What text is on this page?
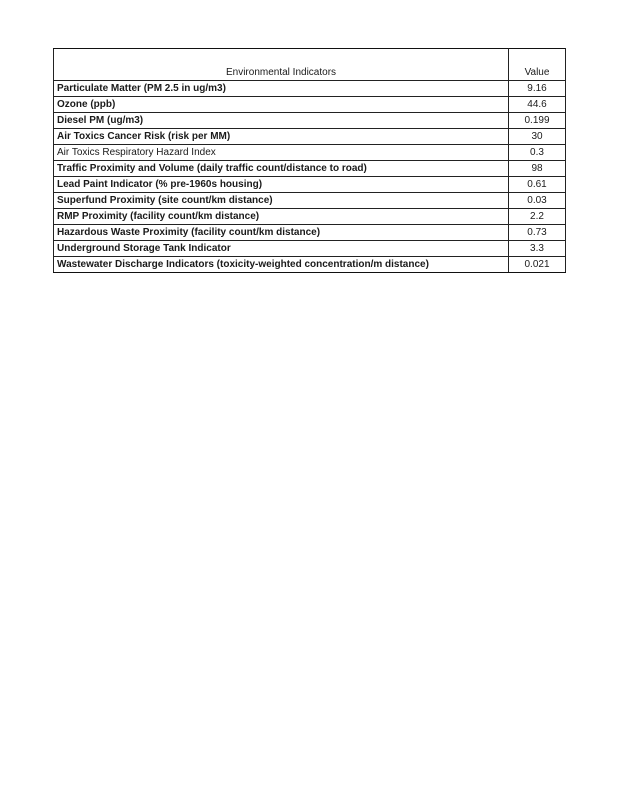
Environmental Indicators	Value
Particulate Matter (PM 2.5 in ug/m3)	9.16
Ozone (ppb)	44.6
Diesel PM (ug/m3)	0.199
Air Toxics Cancer Risk (risk per MM)	30
Air Toxics Respiratory Hazard Index	0.3
Traffic Proximity and Volume (daily traffic count/distance to road)	98
Lead Paint Indicator (% pre-1960s housing)	0.61
Superfund Proximity (site count/km distance)	0.03
RMP Proximity (facility count/km distance)	2.2
Hazardous Waste Proximity (facility count/km distance)	0.73
Underground Storage Tank Indicator	3.3
Wastewater Discharge Indicators (toxicity-weighted concentration/m distance)	0.021
